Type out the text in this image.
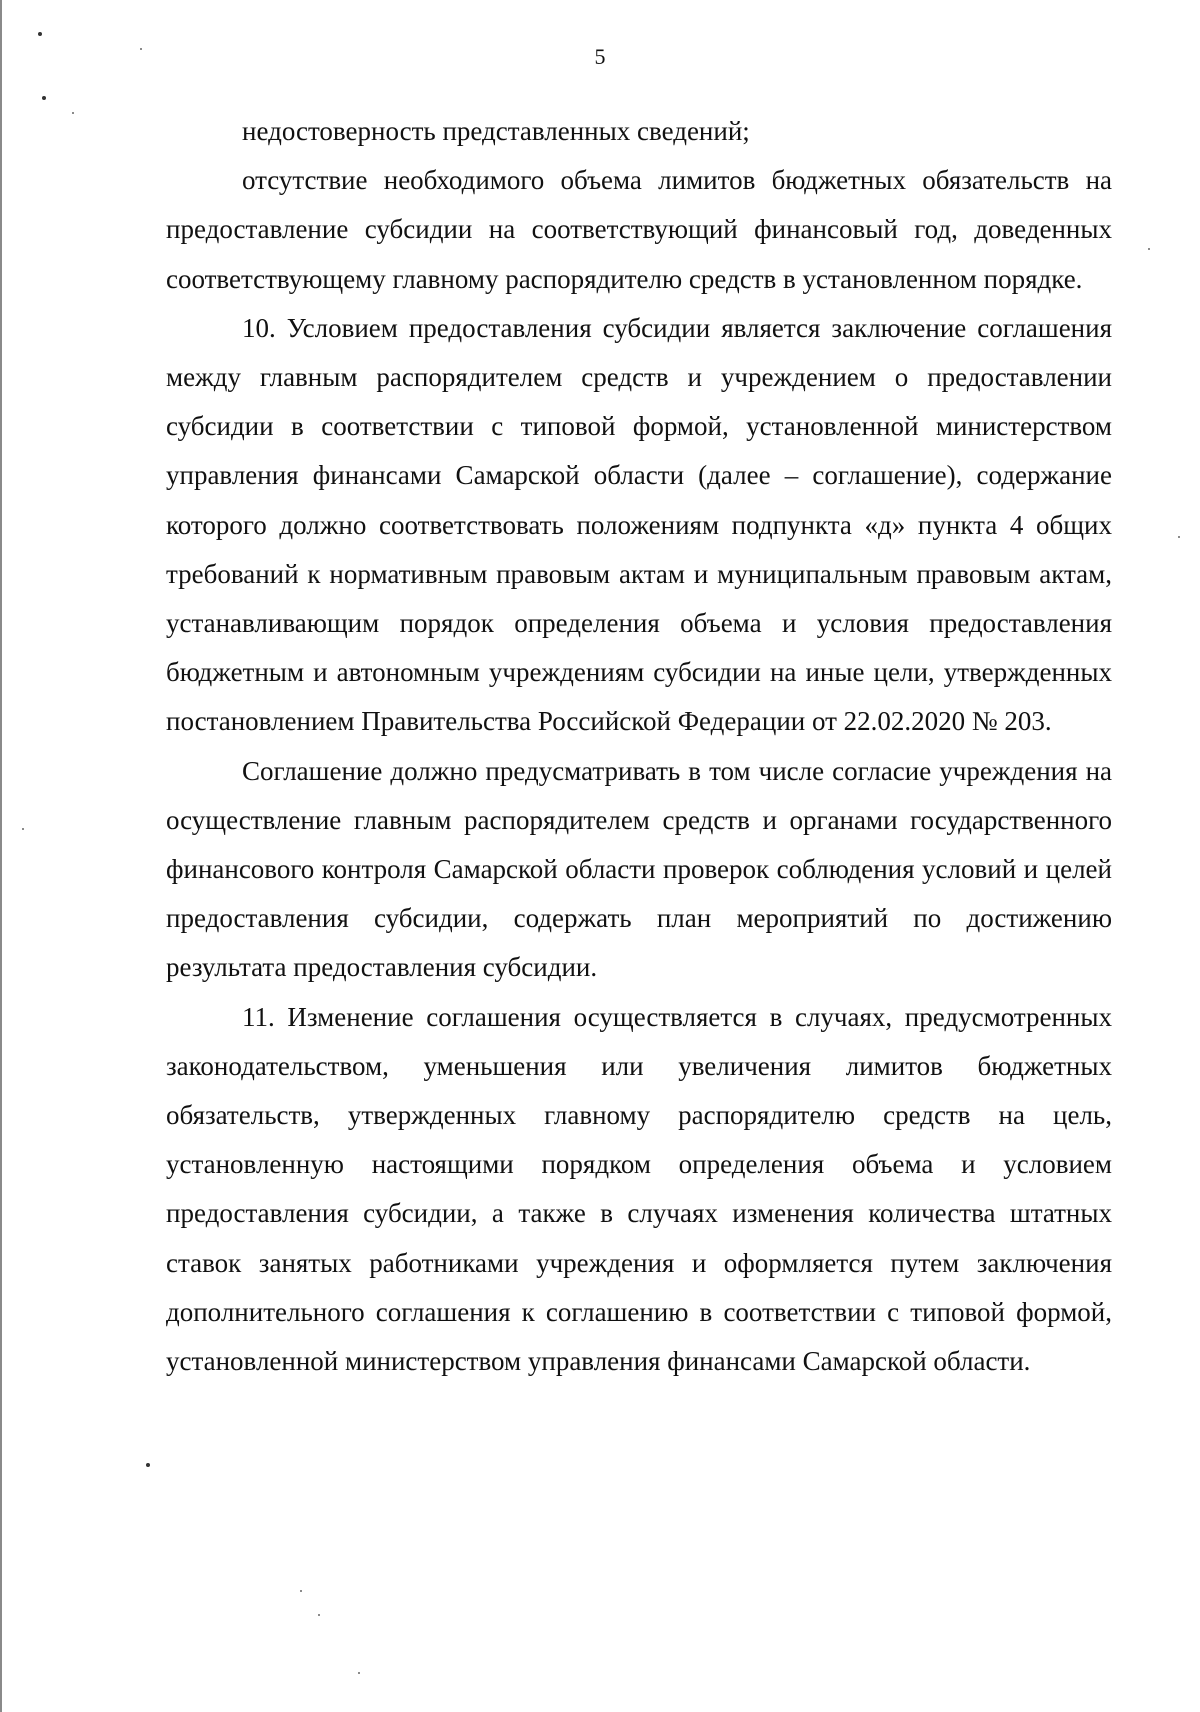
5

недостоверность представленных сведений;

отсутствие необходимого объема лимитов бюджетных обязательств на предоставление субсидии на соответствующий финансовый год, доведенных соответствующему главному распорядителю средств в установленном порядке.

10. Условием предоставления субсидии является заключение соглашения между главным распорядителем средств и учреждением о предоставлении субсидии в соответствии с типовой формой, установленной министерством управления финансами Самарской области (далее – соглашение), содержание которого должно соответствовать положениям подпункта «д» пункта 4 общих требований к нормативным правовым актам и муниципальным правовым актам, устанавливающим порядок определения объема и условия предоставления бюджетным и автономным учреждениям субсидии на иные цели, утвержденных постановлением Правительства Российской Федерации от 22.02.2020 № 203.

Соглашение должно предусматривать в том числе согласие учреждения на осуществление главным распорядителем средств и органами государственного финансового контроля Самарской области проверок соблюдения условий и целей предоставления субсидии, содержать план мероприятий по достижению результата предоставления субсидии.

11. Изменение соглашения осуществляется в случаях, предусмотренных законодательством, уменьшения или увеличения лимитов бюджетных обязательств, утвержденных главному распорядителю средств на цель, установленную настоящими порядком определения объема и условием предоставления субсидии, а также в случаях изменения количества штатных ставок занятых работниками учреждения и оформляется путем заключения дополнительного соглашения к соглашению в соответствии с типовой формой, установленной министерством управления финансами Самарской области.
